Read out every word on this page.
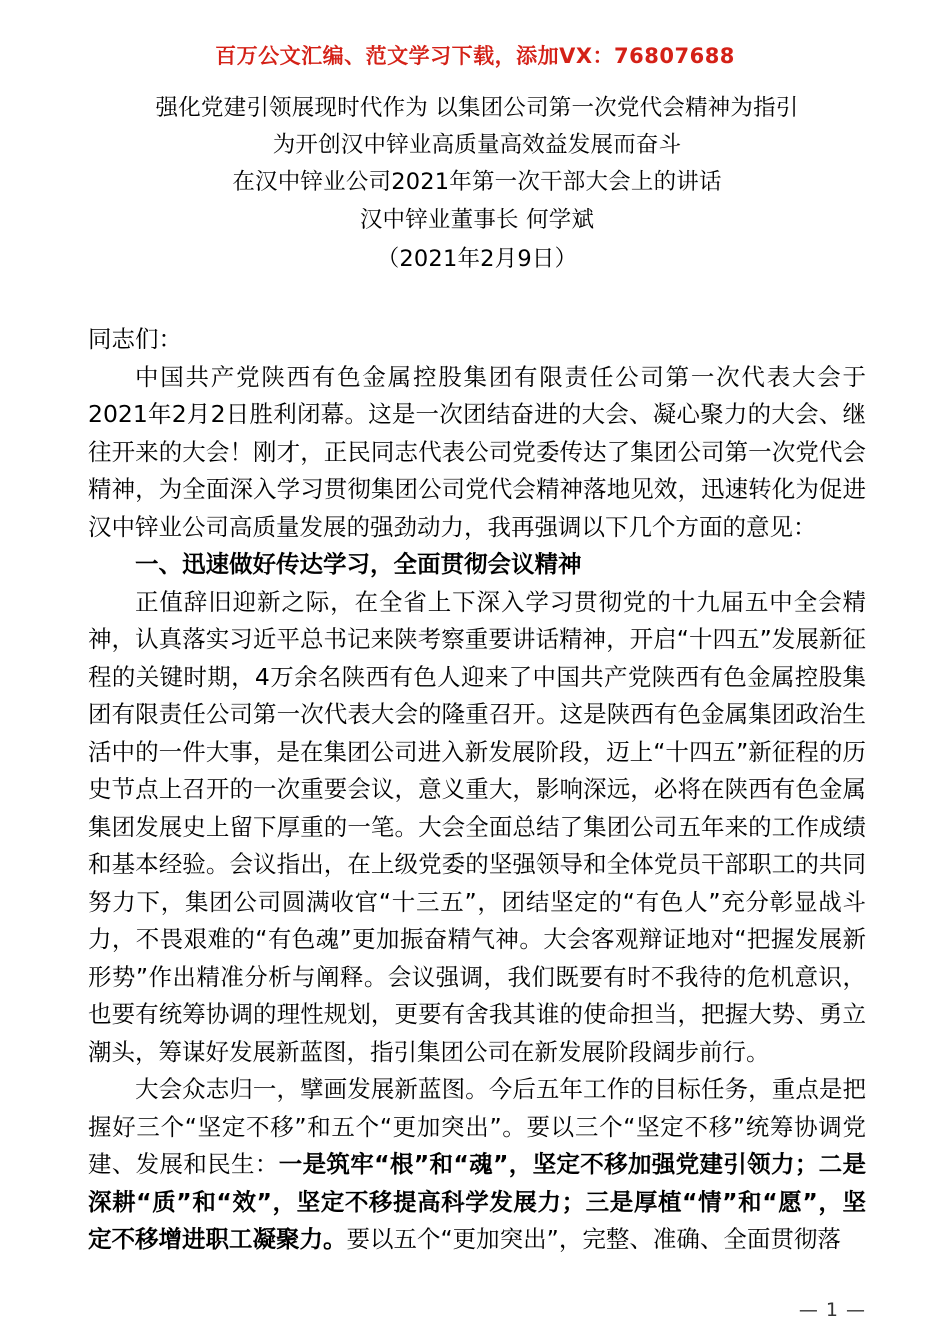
百万公文汇编、范文学习下载，添加VX：76807688
强化党建引领展现时代作为 以集团公司第一次党代会精神为指引
为开创汉中锌业高质量高效益发展而奋斗
在汉中锌业公司2021年第一次干部大会上的讲话
汉中锌业董事长 何学斌
（2021年2月9日）

同志们：

中国共产党陕西有色金属控股集团有限责任公司第一次代表大会于2021年2月2日胜利闭幕。这是一次团结奋进的大会、凝心聚力的大会、继往开来的大会！刚才，正民同志代表公司党委传达了集团公司第一次党代会精神，为全面深入学习贯彻集团公司党代会精神落地见效，迅速转化为促进汉中锌业公司高质量发展的强劲动力，我再强调以下几个方面的意见：

一、迅速做好传达学习，全面贯彻会议精神

正值辞旧迎新之际，在全省上下深入学习贯彻党的十九届五中全会精神，认真落实习近平总书记来陕考察重要讲话精神，开启“十四五”发展新征程的关键时期，4万余名陕西有色人迎来了中国共产党陕西有色金属控股集团有限责任公司第一次代表大会的隆重召开。这是陕西有色金属集团政治生活中的一件大事，是在集团公司进入新发展阶段，迈上“十四五”新征程的历史节点上召开的一次重要会议，意义重大，影响深远，必将在陕西有色金属集团发展史上留下厚重的一笔。大会全面总结了集团公司五年来的工作成绩和基本经验。会议指出，在上级党委的坚强领导和全体党员干部职工的共同努力下，集团公司圆满收官“十三五”，团结坚定的“有色人”充分彰显战斗力，不畏艰难的“有色魂”更加振奋精气神。大会客观辩证地对“把握发展新形势”作出精准分析与阐释。会议强调，我们既要有时不我待的危机意识，也要有统筹协调的理性规划，更要有舍我其谁的使命担当，把握大势、勇立潮头，筹谋好发展新蓝图，指引集团公司在新发展阶段阔步前行。

大会众志归一，擘画发展新蓝图。今后五年工作的目标任务，重点是把握好三个“坚定不移”和五个“更加突出”。要以三个“坚定不移”统筹协调党建、发展和民生：一是筑牢“根”和“魂”，坚定不移加强党建引领力；二是深耕“质”和“效”，坚定不移提高科学发展力；三是厚植“情”和“愿”，坚定不移增进职工凝聚力。要以五个“更加突出”，完整、准确、全面贯彻落

— 1 —
